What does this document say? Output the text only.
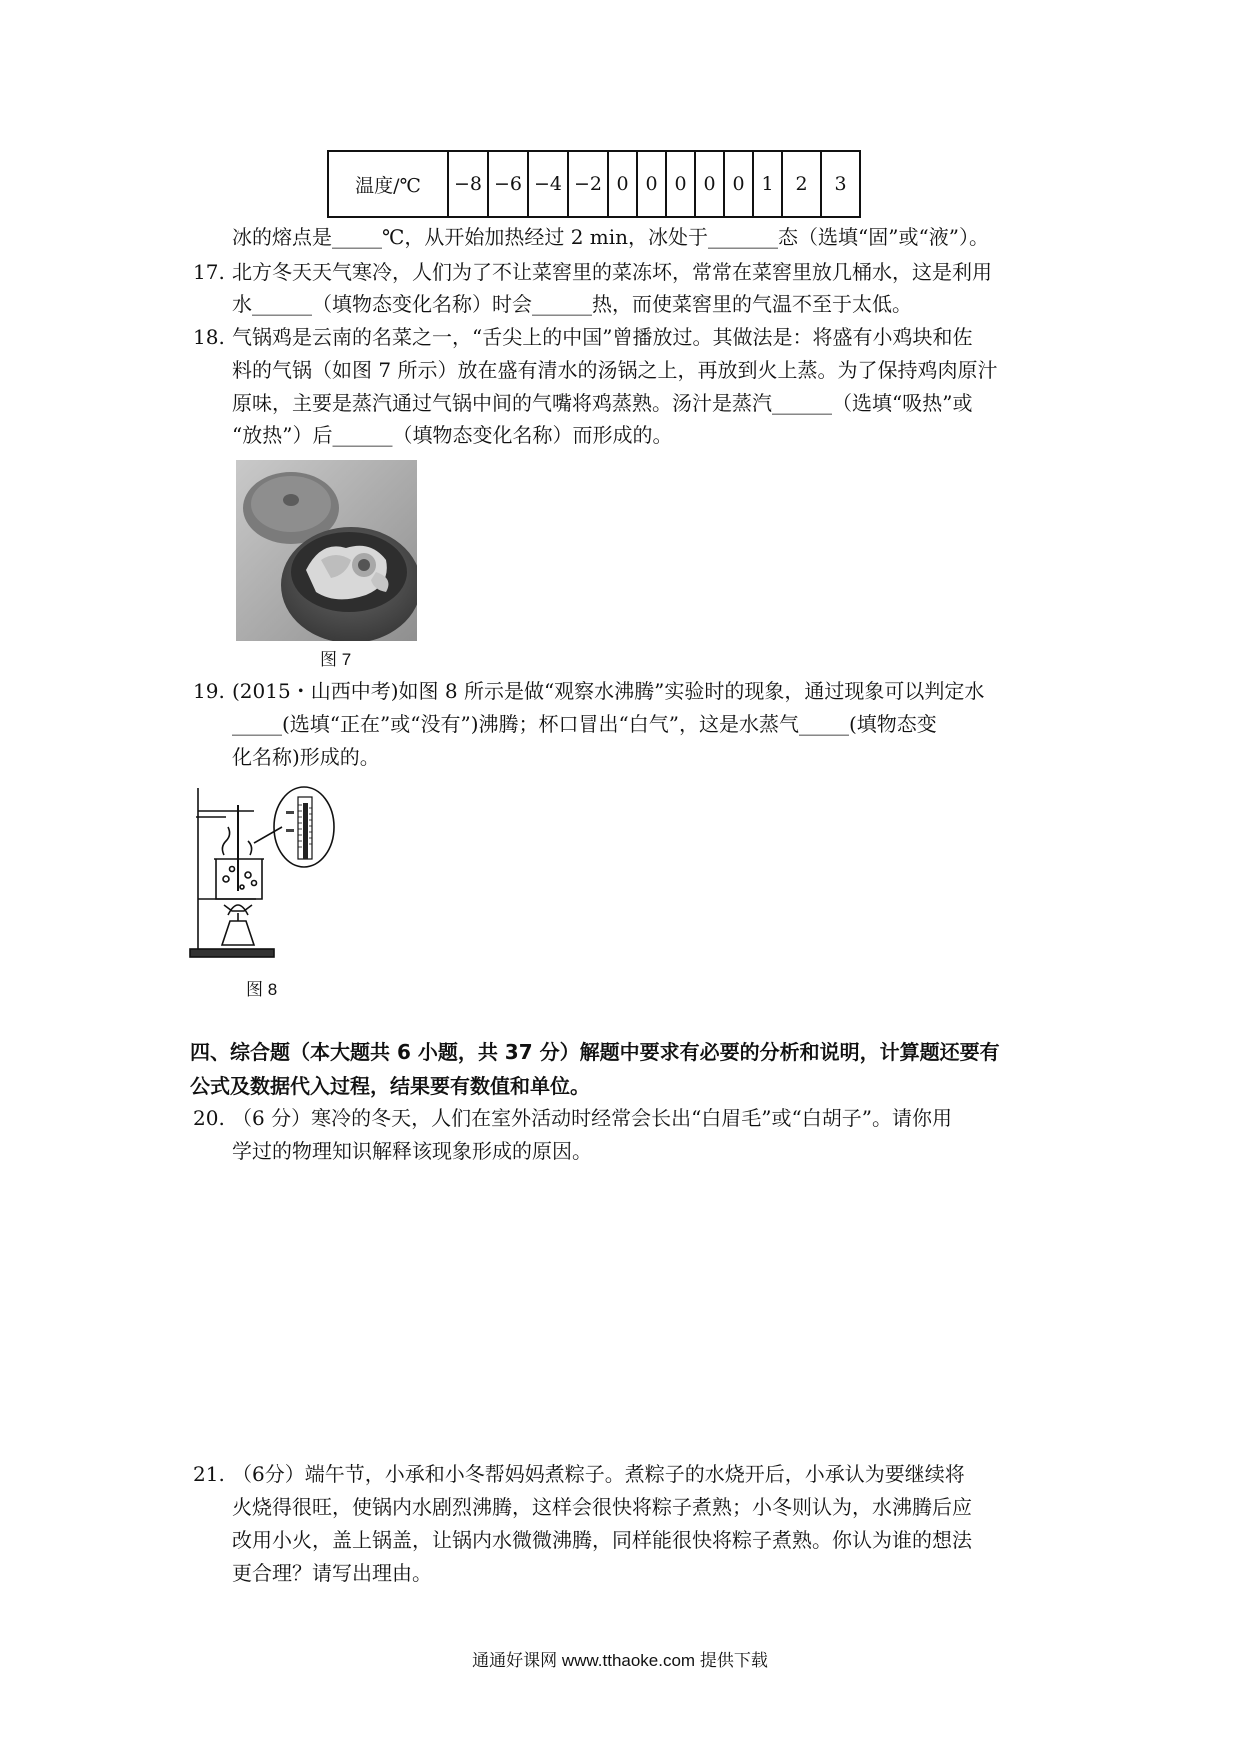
温度/℃	−8	−6	−4	−2	0	0	0	0	0	1	2	3
冰的熔点是_____℃，从开始加热经过 2 min，冰处于_______态（选填“固”或“液”）。
17. 北方冬天天气寒冷，人们为了不让菜窖里的菜冻坏，常常在菜窖里放几桶水，这是利用
水______（填物态变化名称）时会______热，而使菜窖里的气温不至于太低。
18. 气锅鸡是云南的名菜之一，“舌尖上的中国”曾播放过。其做法是：将盛有小鸡块和佐
料的气锅（如图 7 所示）放在盛有清水的汤锅之上，再放到火上蒸。为了保持鸡肉原汁
原味，主要是蒸汽通过气锅中间的气嘴将鸡蒸熟。汤汁是蒸汽______（选填“吸热”或
“放热”）后______（填物态变化名称）而形成的。
图 7
19. (2015・山西中考)如图 8 所示是做“观察水沸腾”实验时的现象，通过现象可以判定水
_____(选填“正在”或“没有”)沸腾；杯口冒出“白气”，这是水蒸气_____(填物态变
化名称)形成的。
图 8
四、综合题（本大题共 6 小题，共 37 分）解题中要求有必要的分析和说明，计算题还要有
公式及数据代入过程，结果要有数值和单位。
20. （6 分）寒冷的冬天，人们在室外活动时经常会长出“白眉毛”或“白胡子”。请你用
学过的物理知识解释该现象形成的原因。
21. （6分）端午节，小承和小冬帮妈妈煮粽子。煮粽子的水烧开后，小承认为要继续将
火烧得很旺，使锅内水剧烈沸腾，这样会很快将粽子煮熟；小冬则认为，水沸腾后应
改用小火，盖上锅盖，让锅内水微微沸腾，同样能很快将粽子煮熟。你认为谁的想法
更合理？请写出理由。
通通好课网 www.tthaoke.com 提供下载
